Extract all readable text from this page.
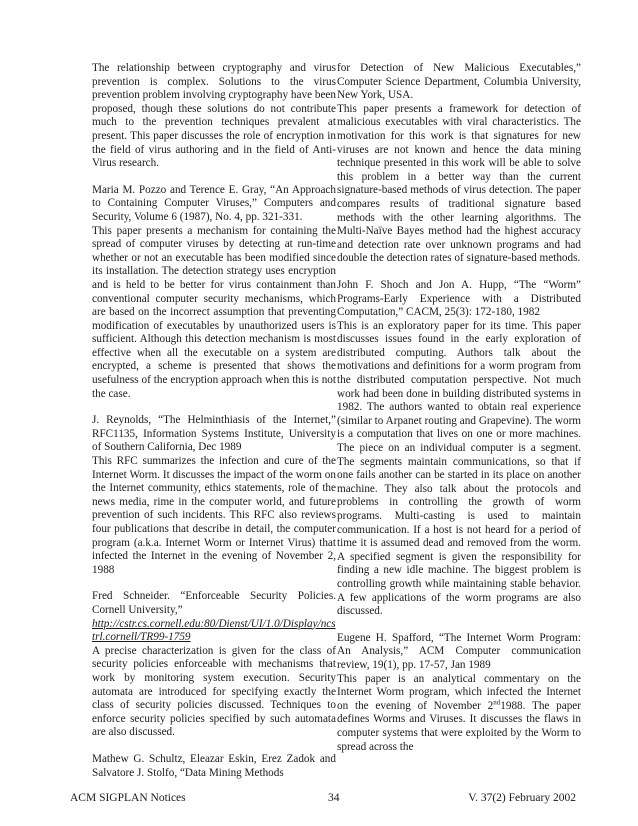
The relationship between cryptography and virus prevention is complex. Solutions to the virus prevention problem involving cryptography have been proposed, though these solutions do not contribute much to the prevention techniques prevalent at present. This paper discusses the role of encryption in the field of virus authoring and in the field of Anti-Virus research.

Maria M. Pozzo and Terence E. Gray, “An Approach to Containing Computer Viruses,” Computers and Security, Volume 6 (1987), No. 4, pp. 321-331.

This paper presents a mechanism for containing the spread of computer viruses by detecting at run-time whether or not an executable has been modified since its installation. The detection strategy uses encryption and is held to be better for virus containment than conventional computer security mechanisms, which are based on the incorrect assumption that preventing modification of executables by unauthorized users is sufficient. Although this detection mechanism is most effective when all the executable on a system are encrypted, a scheme is presented that shows the usefulness of the encryption approach when this is not the case.

J. Reynolds, “The Helminthiasis of the Internet,” RFC1135, Information Systems Institute, University of Southern California, Dec 1989

This RFC summarizes the infection and cure of the Internet Worm. It discusses the impact of the worm on the Internet community, ethics statements, role of the news media, rime in the computer world, and future prevention of such incidents. This RFC also reviews four publications that describe in detail, the computer program (a.k.a. Internet Worm or Internet Virus) that infected the Internet in the evening of November 2, 1988

Fred Schneider. “Enforceable Security Policies. Cornell University,”

http://cstr.cs.cornell.edu:80/Dienst/UI/1.0/Display/ncstrl.cornell/TR99-1759

A precise characterization is given for the class of security policies enforceable with mechanisms that work by monitoring system execution. Security automata are introduced for specifying exactly the class of security policies discussed. Techniques to enforce security policies specified by such automata are also discussed.

Mathew G. Schultz, Eleazar Eskin, Erez Zadok and Salvatore J. Stolfo, “Data Mining Methods

for Detection of New Malicious Executables,” Computer Science Department, Columbia University, New York, USA.

This paper presents a framework for detection of malicious executables with viral characteristics. The motivation for this work is that signatures for new viruses are not known and hence the data mining technique presented in this work will be able to solve this problem in a better way than the current signature-based methods of virus detection. The paper compares results of traditional signature based methods with the other learning algorithms. The Multi-Naïve Bayes method had the highest accuracy and detection rate over unknown programs and had double the detection rates of signature-based methods.

John F. Shoch and Jon A. Hupp, “The “Worm” Programs-Early Experience with a Distributed Computation,” CACM, 25(3): 172-180, 1982

This is an exploratory paper for its time. This paper discusses issues found in the early exploration of distributed computing. Authors talk about the motivations and definitions for a worm program from the distributed computation perspective. Not much work had been done in building distributed systems in 1982. The authors wanted to obtain real experience (similar to Arpanet routing and Grapevine). The worm is a computation that lives on one or more machines. The piece on an individual computer is a segment. The segments maintain communications, so that if one fails another can be started in its place on another machine. They also talk about the protocols and problems in controlling the growth of worm programs. Multi-casting is used to maintain communication. If a host is not heard for a period of time it is assumed dead and removed from the worm. A specified segment is given the responsibility for finding a new idle machine. The biggest problem is controlling growth while maintaining stable behavior. A few applications of the worm programs are also discussed.

Eugene H. Spafford, “The Internet Worm Program: An Analysis,” ACM Computer communication review, 19(1), pp. 17-57, Jan 1989

This paper is an analytical commentary on the Internet Worm program, which infected the Internet on the evening of November 2nd1988. The paper defines Worms and Viruses. It discusses the flaws in computer systems that were exploited by the Worm to spread across the

ACM SIGPLAN Notices	34	V. 37(2) February 2002
